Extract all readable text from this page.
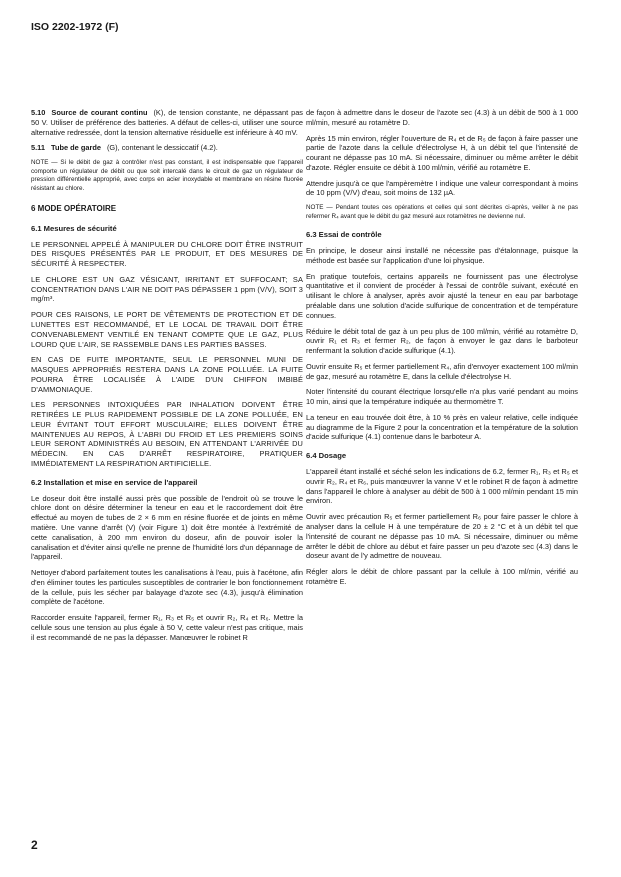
ISO 2202-1972 (F)

5.10 Source de courant continu (K), de tension constante, ne dépassant pas 50 V. Utiliser de préférence des batteries. A défaut de celles-ci, utiliser une source alternative redressée, dont la tension alternative résiduelle est inférieure à 40 mV.

5.11 Tube de garde (G), contenant le dessiccatif (4.2).

NOTE — Si le débit de gaz à contrôler n'est pas constant, il est indispensable que l'appareil comporte un régulateur de débit ou que soit intercalé dans le circuit de gaz un régulateur de pression différentielle approprié, avec corps en acier inoxydable et membrane en résine fluorée résistant au chlore.

6 MODE OPÉRATOIRE
6.1 Mesures de sécurité

LE PERSONNEL APPELÉ À MANIPULER DU CHLORE DOIT ÊTRE INSTRUIT DES RISQUES PRÉSENTÉS PAR LE PRODUIT, ET DES MESURES DE SÉCURITÉ À RESPECTER.

LE CHLORE EST UN GAZ VÉSICANT, IRRITANT ET SUFFOCANT; SA CONCENTRATION DANS L'AIR NE DOIT PAS DÉPASSER 1 ppm (V/V), SOIT 3 mg/m³.

POUR CES RAISONS, LE PORT DE VÊTEMENTS DE PROTECTION ET DE LUNETTES EST RECOMMANDÉ, ET LE LOCAL DE TRAVAIL DOIT ÊTRE CONVENABLEMENT VENTILÉ EN TENANT COMPTE QUE LE GAZ, PLUS LOURD QUE L'AIR, SE RASSEMBLE DANS LES PARTIES BASSES.

EN CAS DE FUITE IMPORTANTE, SEUL LE PERSONNEL MUNI DE MASQUES APPROPRIÉS RESTERA DANS LA ZONE POLLUÉE. LA FUITE POURRA ÊTRE LOCALISÉE À L'AIDE D'UN CHIFFON IMBIBÉ D'AMMONIAQUE.

LES PERSONNES INTOXIQUÉES PAR INHALATION DOIVENT ÊTRE RETIRÉES LE PLUS RAPIDEMENT POSSIBLE DE LA ZONE POLLUÉE, EN LEUR ÉVITANT TOUT EFFORT MUSCULAIRE; ELLES DOIVENT ÊTRE MAINTENUES AU REPOS, À L'ABRI DU FROID ET LES PREMIERS SOINS LEUR SERONT ADMINISTRÉS AU BESOIN, EN ATTENDANT L'ARRIVÉE DU MÉDECIN. EN CAS D'ARRÊT RESPIRATOIRE, PRATIQUER IMMÉDIATEMENT LA RESPIRATION ARTIFICIELLE.

6.2 Installation et mise en service de l'appareil

Le doseur doit être installé aussi près que possible de l'endroit où se trouve le chlore dont on désire déterminer la teneur en eau et le raccordement doit être effectué au moyen de tubes de 2 × 6 mm en résine fluorée et de joints en même matière. Une vanne d'arrêt (V) (voir Figure 1) doit être montée à l'extrémité de cette canalisation, à 200 mm environ du doseur, afin de pouvoir isoler la canalisation et d'éviter ainsi qu'elle ne prenne de l'humidité lors d'un dépannage de l'appareil.

Nettoyer d'abord parfaitement toutes les canalisations à l'eau, puis à l'acétone, afin d'en éliminer toutes les particules susceptibles de contrarier le bon fonctionnement de la cellule, puis les sécher par balayage d'azote sec (4.3), jusqu'à élimination complète de l'acétone.

Raccorder ensuite l'appareil, fermer R₁, R₃ et R₅ et ouvrir R₂, R₄ et R₆. Mettre la cellule sous une tension au plus égale à 50 V, cette valeur n'est pas critique, mais il est recommandé de ne pas la dépasser. Manœuvrer le robinet R

de façon à admettre dans le doseur de l'azote sec (4.3) à un débit de 500 à 1 000 ml/min, mesuré au rotamètre D.

Après 15 min environ, régler l'ouverture de R₄ et de R₅ de façon à faire passer une partie de l'azote dans la cellule d'électrolyse H, à un débit tel que l'intensité de courant ne dépasse pas 10 mA. Si nécessaire, diminuer ou même arrêter le débit d'azote. Régler ensuite ce débit à 100 ml/min, vérifié au rotamètre E.

Attendre jusqu'à ce que l'ampèremètre I indique une valeur correspondant à moins de 10 ppm (V/V) d'eau, soit moins de 132 µA.

NOTE — Pendant toutes ces opérations et celles qui sont décrites ci-après, veiller à ne pas refermer R₄ avant que le débit du gaz mesuré aux rotamètres ne devienne nul.

6.3 Essai de contrôle

En principe, le doseur ainsi installé ne nécessite pas d'étalonnage, puisque la méthode est basée sur l'application d'une loi physique.

En pratique toutefois, certains appareils ne fournissent pas une électrolyse quantitative et il convient de procéder à l'essai de contrôle suivant, exécuté en utilisant le chlore à analyser, après avoir ajusté la teneur en eau par barbotage préalable dans une solution d'acide sulfurique de concentration et de température connues.

Réduire le débit total de gaz à un peu plus de 100 ml/min, vérifié au rotamètre D, ouvrir R₁ et R₃ et fermer R₂, de façon à envoyer le gaz dans le barboteur renfermant la solution d'acide sulfurique (4.1).

Ouvrir ensuite R₅ et fermer partiellement R₄, afin d'envoyer exactement 100 ml/min de gaz, mesuré au rotamètre E, dans la cellule d'électrolyse H.

Noter l'intensité du courant électrique lorsqu'elle n'a plus varié pendant au moins 10 min, ainsi que la température indiquée au thermomètre T.

La teneur en eau trouvée doit être, à 10 % près en valeur relative, celle indiquée au diagramme de la Figure 2 pour la concentration et la température de la solution d'acide sulfurique (4.1) contenue dans le barboteur A.

6.4 Dosage

L'appareil étant installé et séché selon les indications de 6.2, fermer R₁, R₃ et R₅ et ouvrir R₂, R₄ et R₆, puis manœuvrer la vanne V et le robinet R de façon à admettre dans l'appareil le chlore à analyser au débit de 500 à 1 000 ml/min pendant 15 min environ.

Ouvrir avec précaution R₅ et fermer partiellement R₆ pour faire passer le chlore à analyser dans la cellule H à une température de 20 ± 2 °C et à un débit tel que l'intensité de courant ne dépasse pas 10 mA. Si nécessaire, diminuer ou même arrêter le débit de chlore au début et faire passer un peu d'azote sec (4.3) dans le doseur avant de l'y admettre de nouveau.

Régler alors le débit de chlore passant par la cellule à 100 ml/min, vérifié au rotamètre E.

2
